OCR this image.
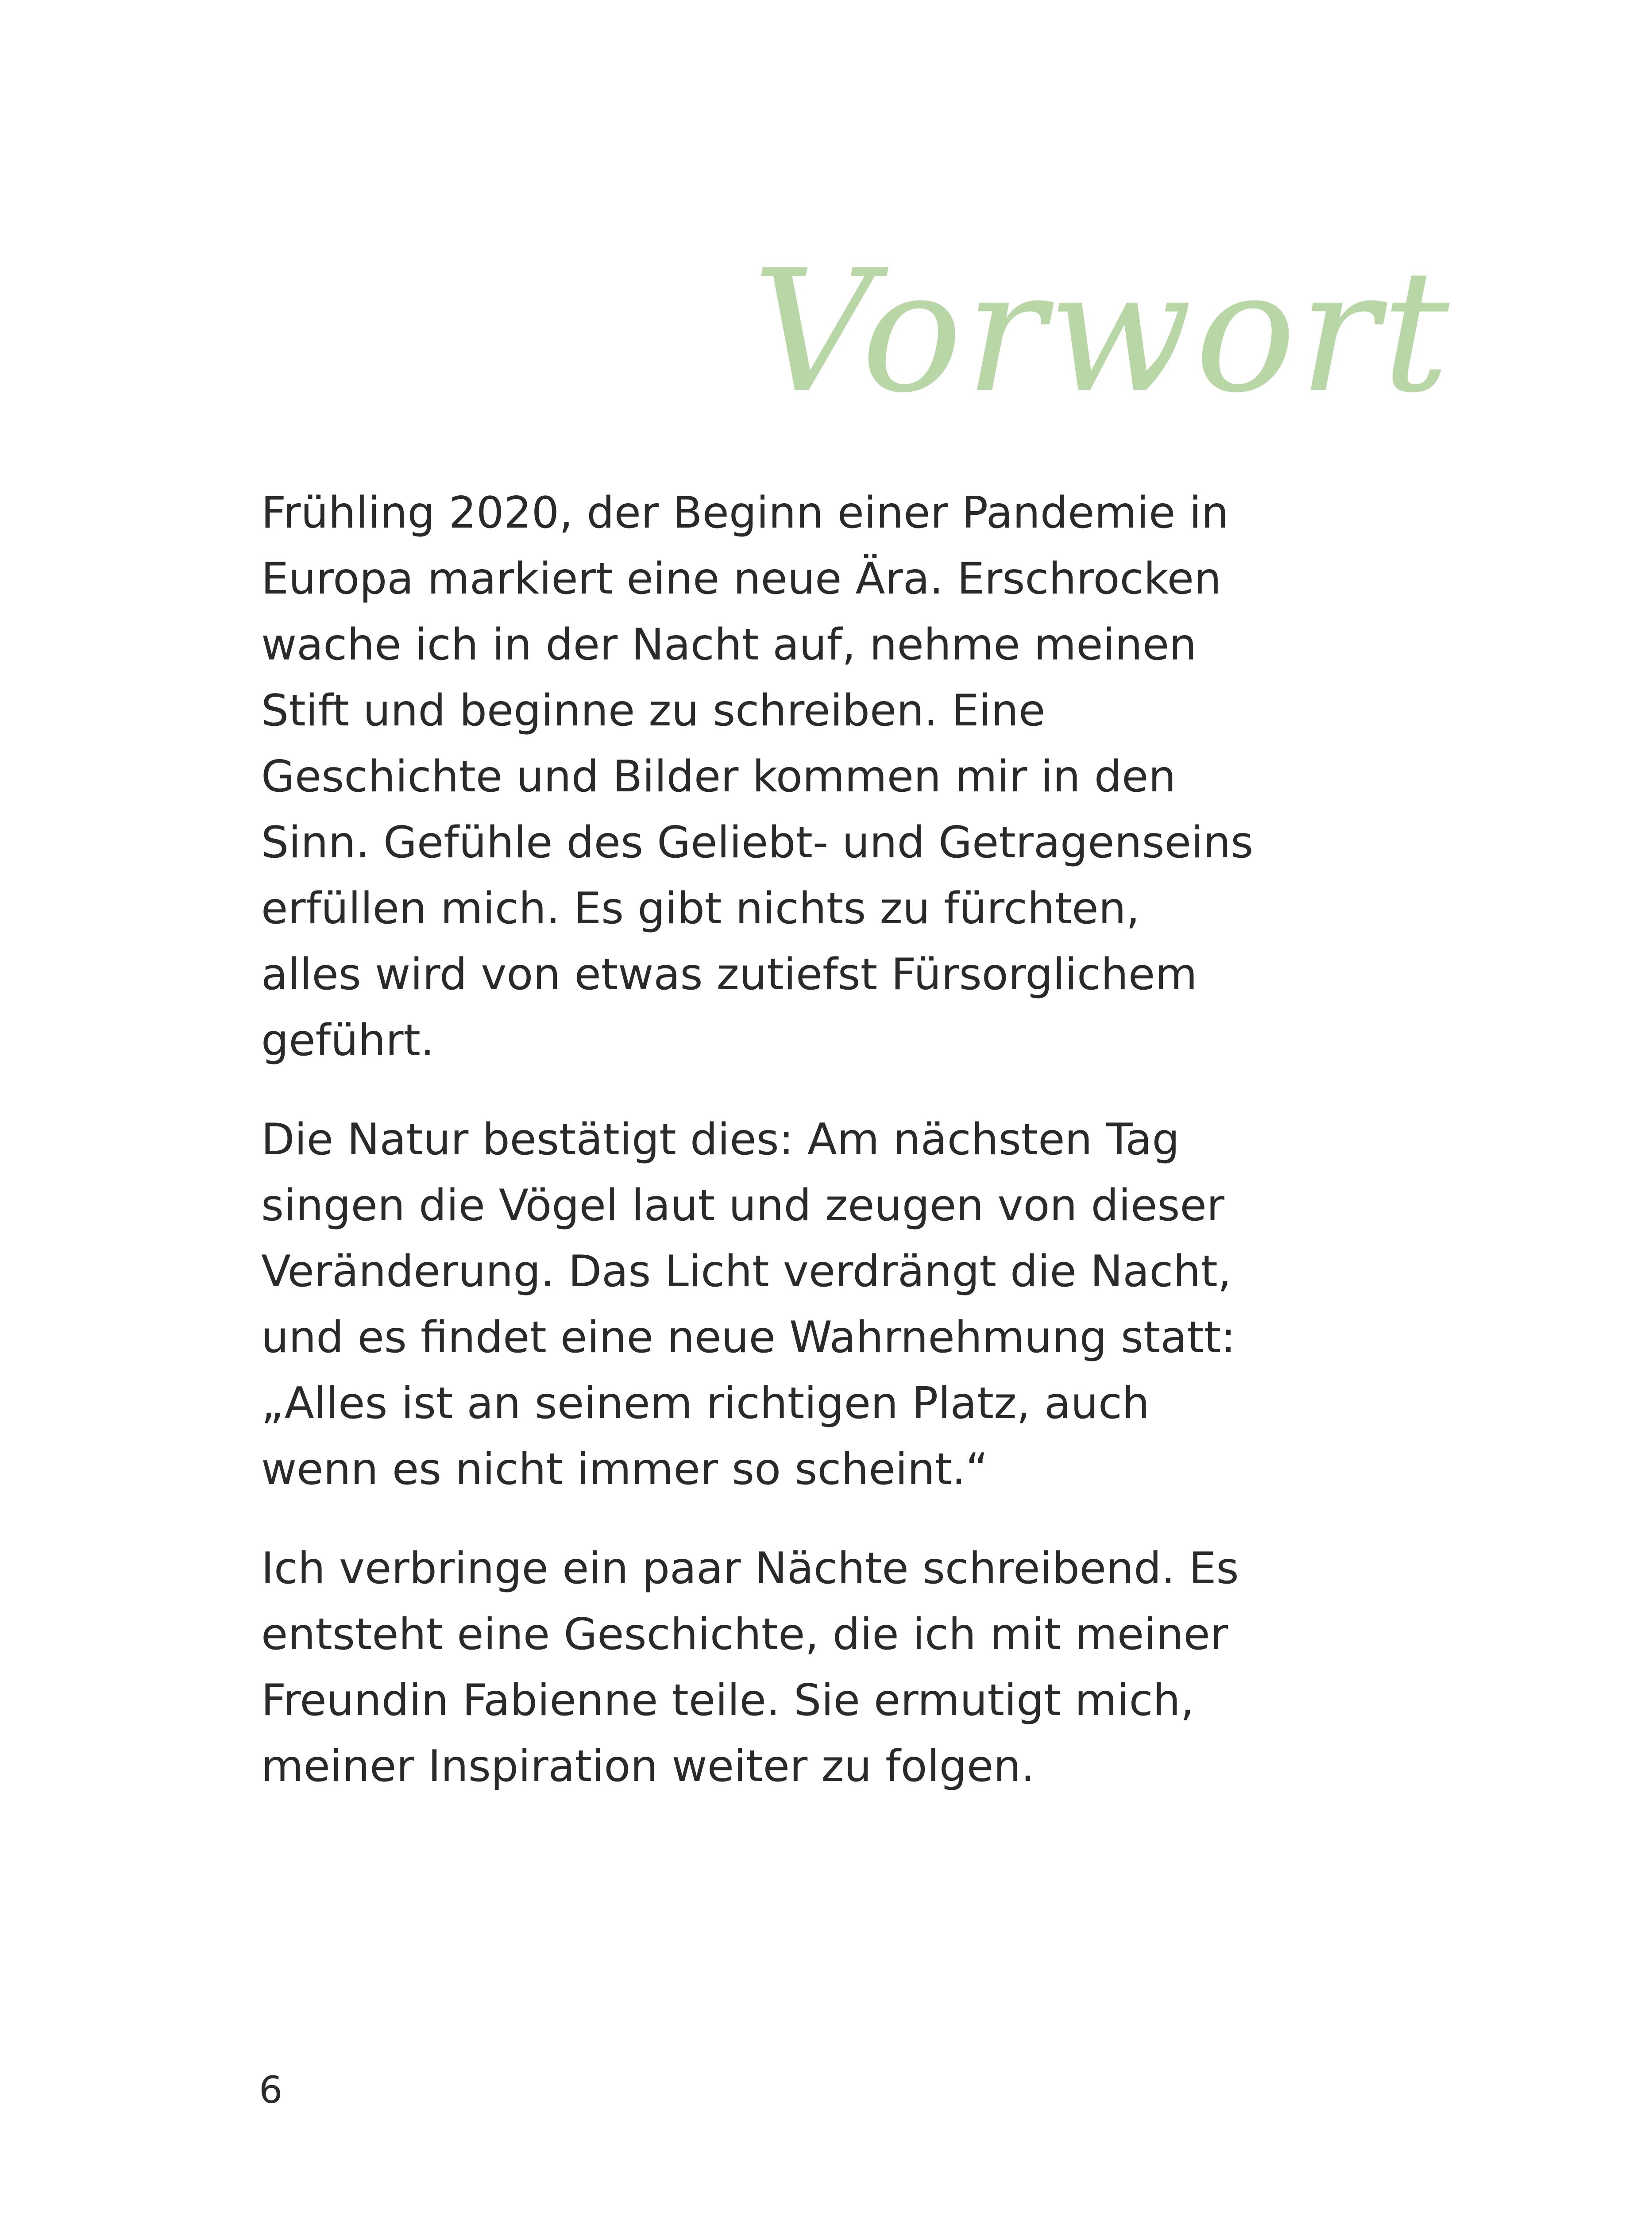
Vorwort

Frühling 2020, der Beginn einer Pandemie in
Europa markiert eine neue Ära. Erschrocken
wache ich in der Nacht auf, nehme meinen
Stift und beginne zu schreiben. Eine
Geschichte und Bilder kommen mir in den
Sinn. Gefühle des Geliebt- und Getragenseins
erfüllen mich. Es gibt nichts zu fürchten,
alles wird von etwas zutiefst Fürsorglichem
geführt.

Die Natur bestätigt dies: Am nächsten Tag
singen die Vögel laut und zeugen von dieser
Veränderung. Das Licht verdrängt die Nacht,
und es findet eine neue Wahrnehmung statt:
„Alles ist an seinem richtigen Platz, auch
wenn es nicht immer so scheint.“

Ich verbringe ein paar Nächte schreibend. Es
entsteht eine Geschichte, die ich mit meiner
Freundin Fabienne teile. Sie ermutigt mich,
meiner Inspiration weiter zu folgen.

6
